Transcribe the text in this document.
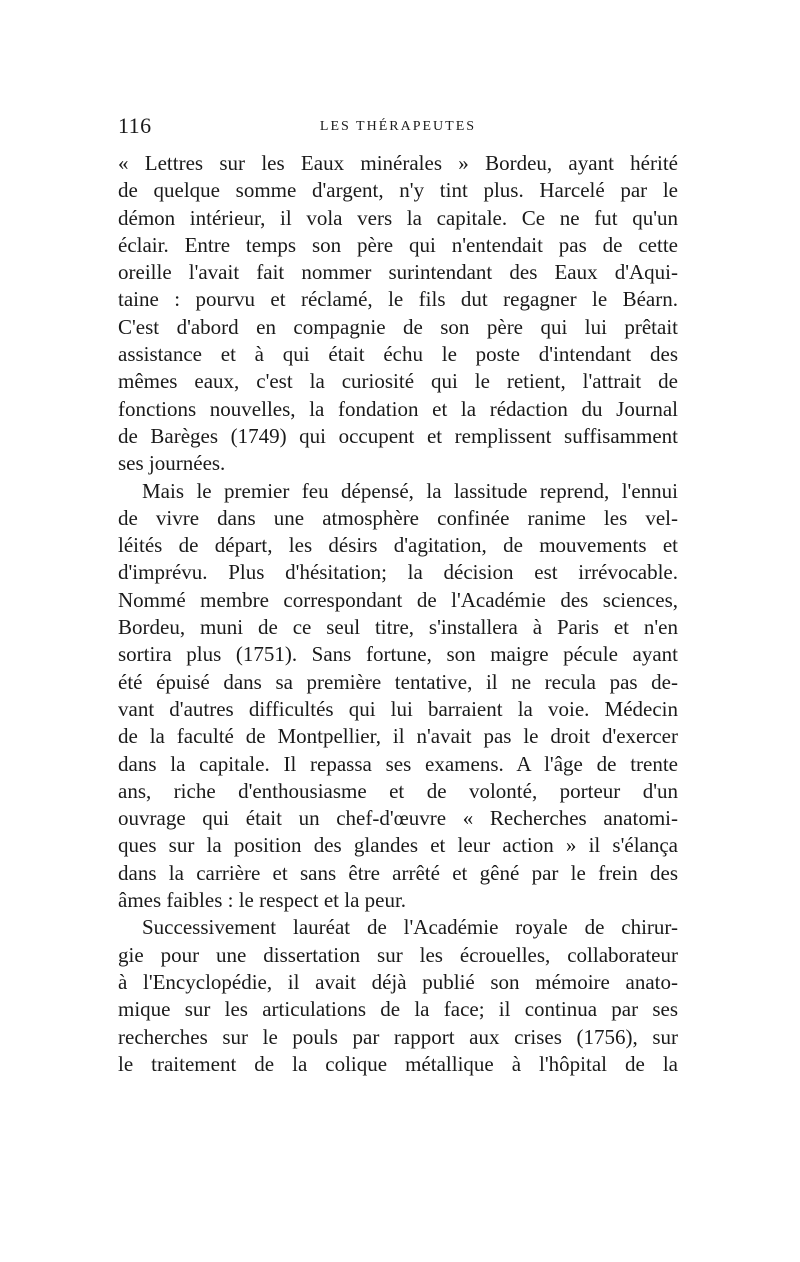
116	LES THÉRAPEUTES
« Lettres sur les Eaux minérales » Bordeu, ayant hérité
de quelque somme d'argent, n'y tint plus. Harcelé par le
démon intérieur, il vola vers la capitale. Ce ne fut qu'un
éclair. Entre temps son père qui n'entendait pas de cette
oreille l'avait fait nommer surintendant des Eaux d'Aqui-
taine : pourvu et réclamé, le fils dut regagner le Béarn.
C'est d'abord en compagnie de son père qui lui prêtait
assistance et à qui était échu le poste d'intendant des
mêmes eaux, c'est la curiosité qui le retient, l'attrait de
fonctions nouvelles, la fondation et la rédaction du Journal
de Barèges (1749) qui occupent et remplissent suffisamment
ses journées.
Mais le premier feu dépensé, la lassitude reprend, l'ennui
de vivre dans une atmosphère confinée ranime les vel-
léités de départ, les désirs d'agitation, de mouvements et
d'imprévu. Plus d'hésitation; la décision est irrévocable.
Nommé membre correspondant de l'Académie des sciences,
Bordeu, muni de ce seul titre, s'installera à Paris et n'en
sortira plus (1751). Sans fortune, son maigre pécule ayant
été épuisé dans sa première tentative, il ne recula pas de-
vant d'autres difficultés qui lui barraient la voie. Médecin
de la faculté de Montpellier, il n'avait pas le droit d'exercer
dans la capitale. Il repassa ses examens. A l'âge de trente
ans, riche d'enthousiasme et de volonté, porteur d'un
ouvrage qui était un chef-d'œuvre « Recherches anatomi-
ques sur la position des glandes et leur action » il s'élança
dans la carrière et sans être arrêté et gêné par le frein des
âmes faibles : le respect et la peur.
Successivement lauréat de l'Académie royale de chirur-
gie pour une dissertation sur les écrouelles, collaborateur
à l'Encyclopédie, il avait déjà publié son mémoire anato-
mique sur les articulations de la face; il continua par ses
recherches sur le pouls par rapport aux crises (1756), sur
le traitement de la colique métallique à l'hôpital de la
